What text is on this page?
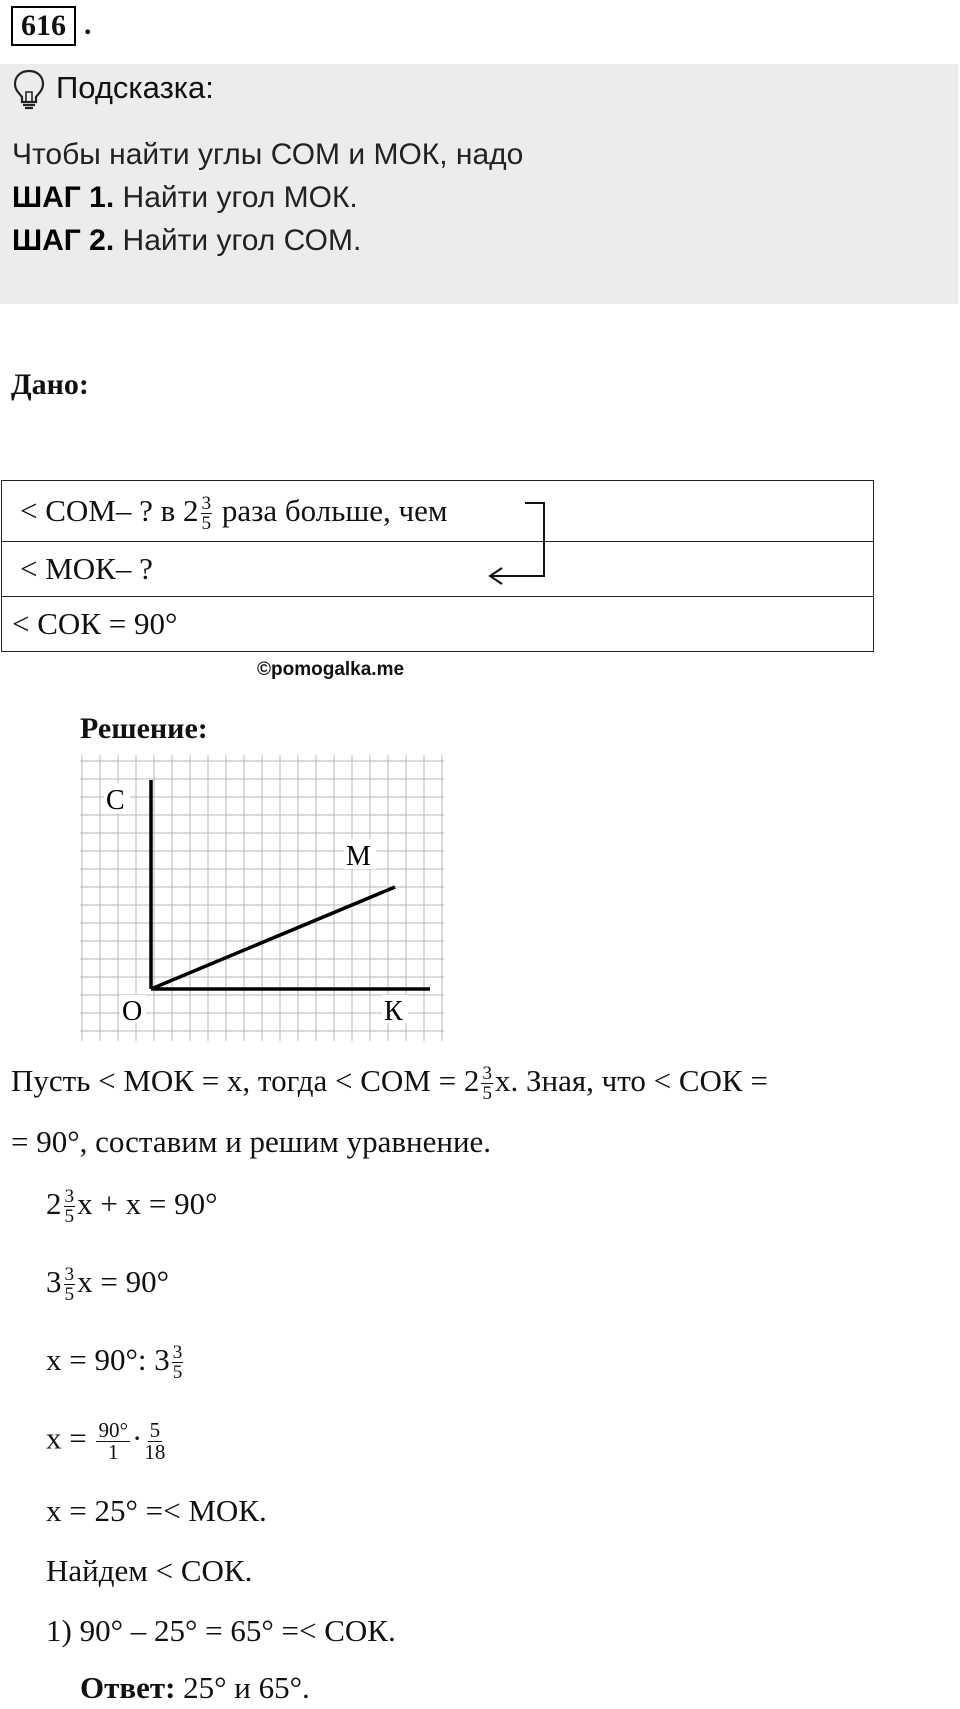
616 .
Подсказка:
Чтобы найти углы СОМ и МОК, надо
ШАГ 1. Найти угол МОК.
ШАГ 2. Найти угол СОМ.
Дано:
< СОМ– ? в $2 \frac{3}{5}$ раза больше, чем
< МОК– ?
< СОК = 90°
©pomogalka.me
Решение:
С
М
О	К
Пусть < МОК = x, тогда < СОМ = $2 \frac{3}{5} x$. Зная, что < СОК =
= 90°, составим и решим уравнение.
$2 \frac{3}{5}$ x + x = 90°
$3 \frac{3}{5}$ x = 90°
x = 90°: $3 \frac{3}{5}$
$x = \frac{90^\circ}{1} \cdot \frac{5}{18}$
x = 25° =< МОК.
Найдем < СОК.
1) 90° – 25° = 65° =< СОК.
Ответ: 25° и 65°.
